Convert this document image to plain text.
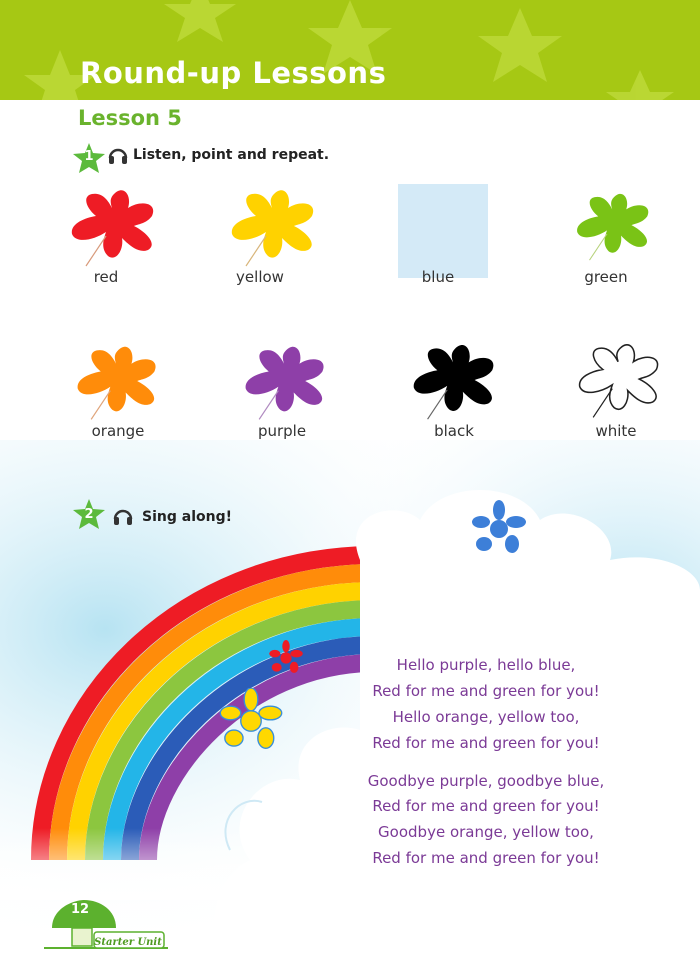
Round-up Lessons
Lesson 5
1	Listen, point and repeat.
red	yellow	blue	green
orange	purple	black	white
2	Sing along!
Hello purple, hello blue,
Red for me and green for you!
Hello orange, yellow too,
Red for me and green for you!
Goodbye purple, goodbye blue,
Red for me and green for you!
Goodbye orange, yellow too,
Red for me and green for you!
12
Starter Unit
